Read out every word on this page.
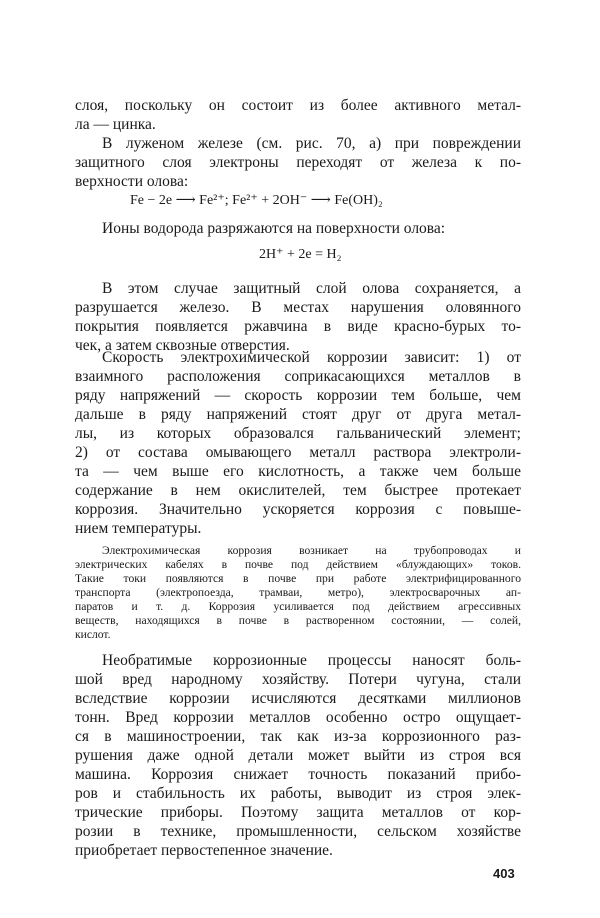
слоя, поскольку он состоит из более активного метал-
ла — цинка.
В луженом железе (см. рис. 70, а) при повреждении
защитного слоя электроны переходят от железа к по-
верхности олова:
Fe − 2e ⟶ Fe²⁺; Fe²⁺ + 2OH⁻ ⟶ Fe(OH)₂
Ионы водорода разряжаются на поверхности олова:
2H⁺ + 2e = H₂
В этом случае защитный слой олова сохраняется, а
разрушается железо. В местах нарушения оловянного
покрытия появляется ржавчина в виде красно-бурых то-
чек, а затем сквозные отверстия.
Скорость электрохимической коррозии зависит: 1) от
взаимного расположения соприкасающихся металлов в
ряду напряжений — скорость коррозии тем больше, чем
дальше в ряду напряжений стоят друг от друга метал-
лы, из которых образовался гальванический элемент;
2) от состава омывающего металл раствора электроли-
та — чем выше его кислотность, а также чем больше
содержание в нем окислителей, тем быстрее протекает
коррозия. Значительно ускоряется коррозия с повыше-
нием температуры.
Электрохимическая коррозия возникает на трубопроводах и
электрических кабелях в почве под действием «блуждающих» токов.
Такие токи появляются в почве при работе электрифицированного
транспорта (электропоезда, трамваи, метро), электросварочных ап-
паратов и т. д. Коррозия усиливается под действием агрессивных
веществ, находящихся в почве в растворенном состоянии, — солей,
кислот.
Необратимые коррозионные процессы наносят боль-
шой вред народному хозяйству. Потери чугуна, стали
вследствие коррозии исчисляются десятками миллионов
тонн. Вред коррозии металлов особенно остро ощущает-
ся в машиностроении, так как из-за коррозионного раз-
рушения даже одной детали может выйти из строя вся
машина. Коррозия снижает точность показаний прибо-
ров и стабильность их работы, выводит из строя элек-
трические приборы. Поэтому защита металлов от кор-
розии в технике, промышленности, сельском хозяйстве
приобретает первостепенное значение.
403
